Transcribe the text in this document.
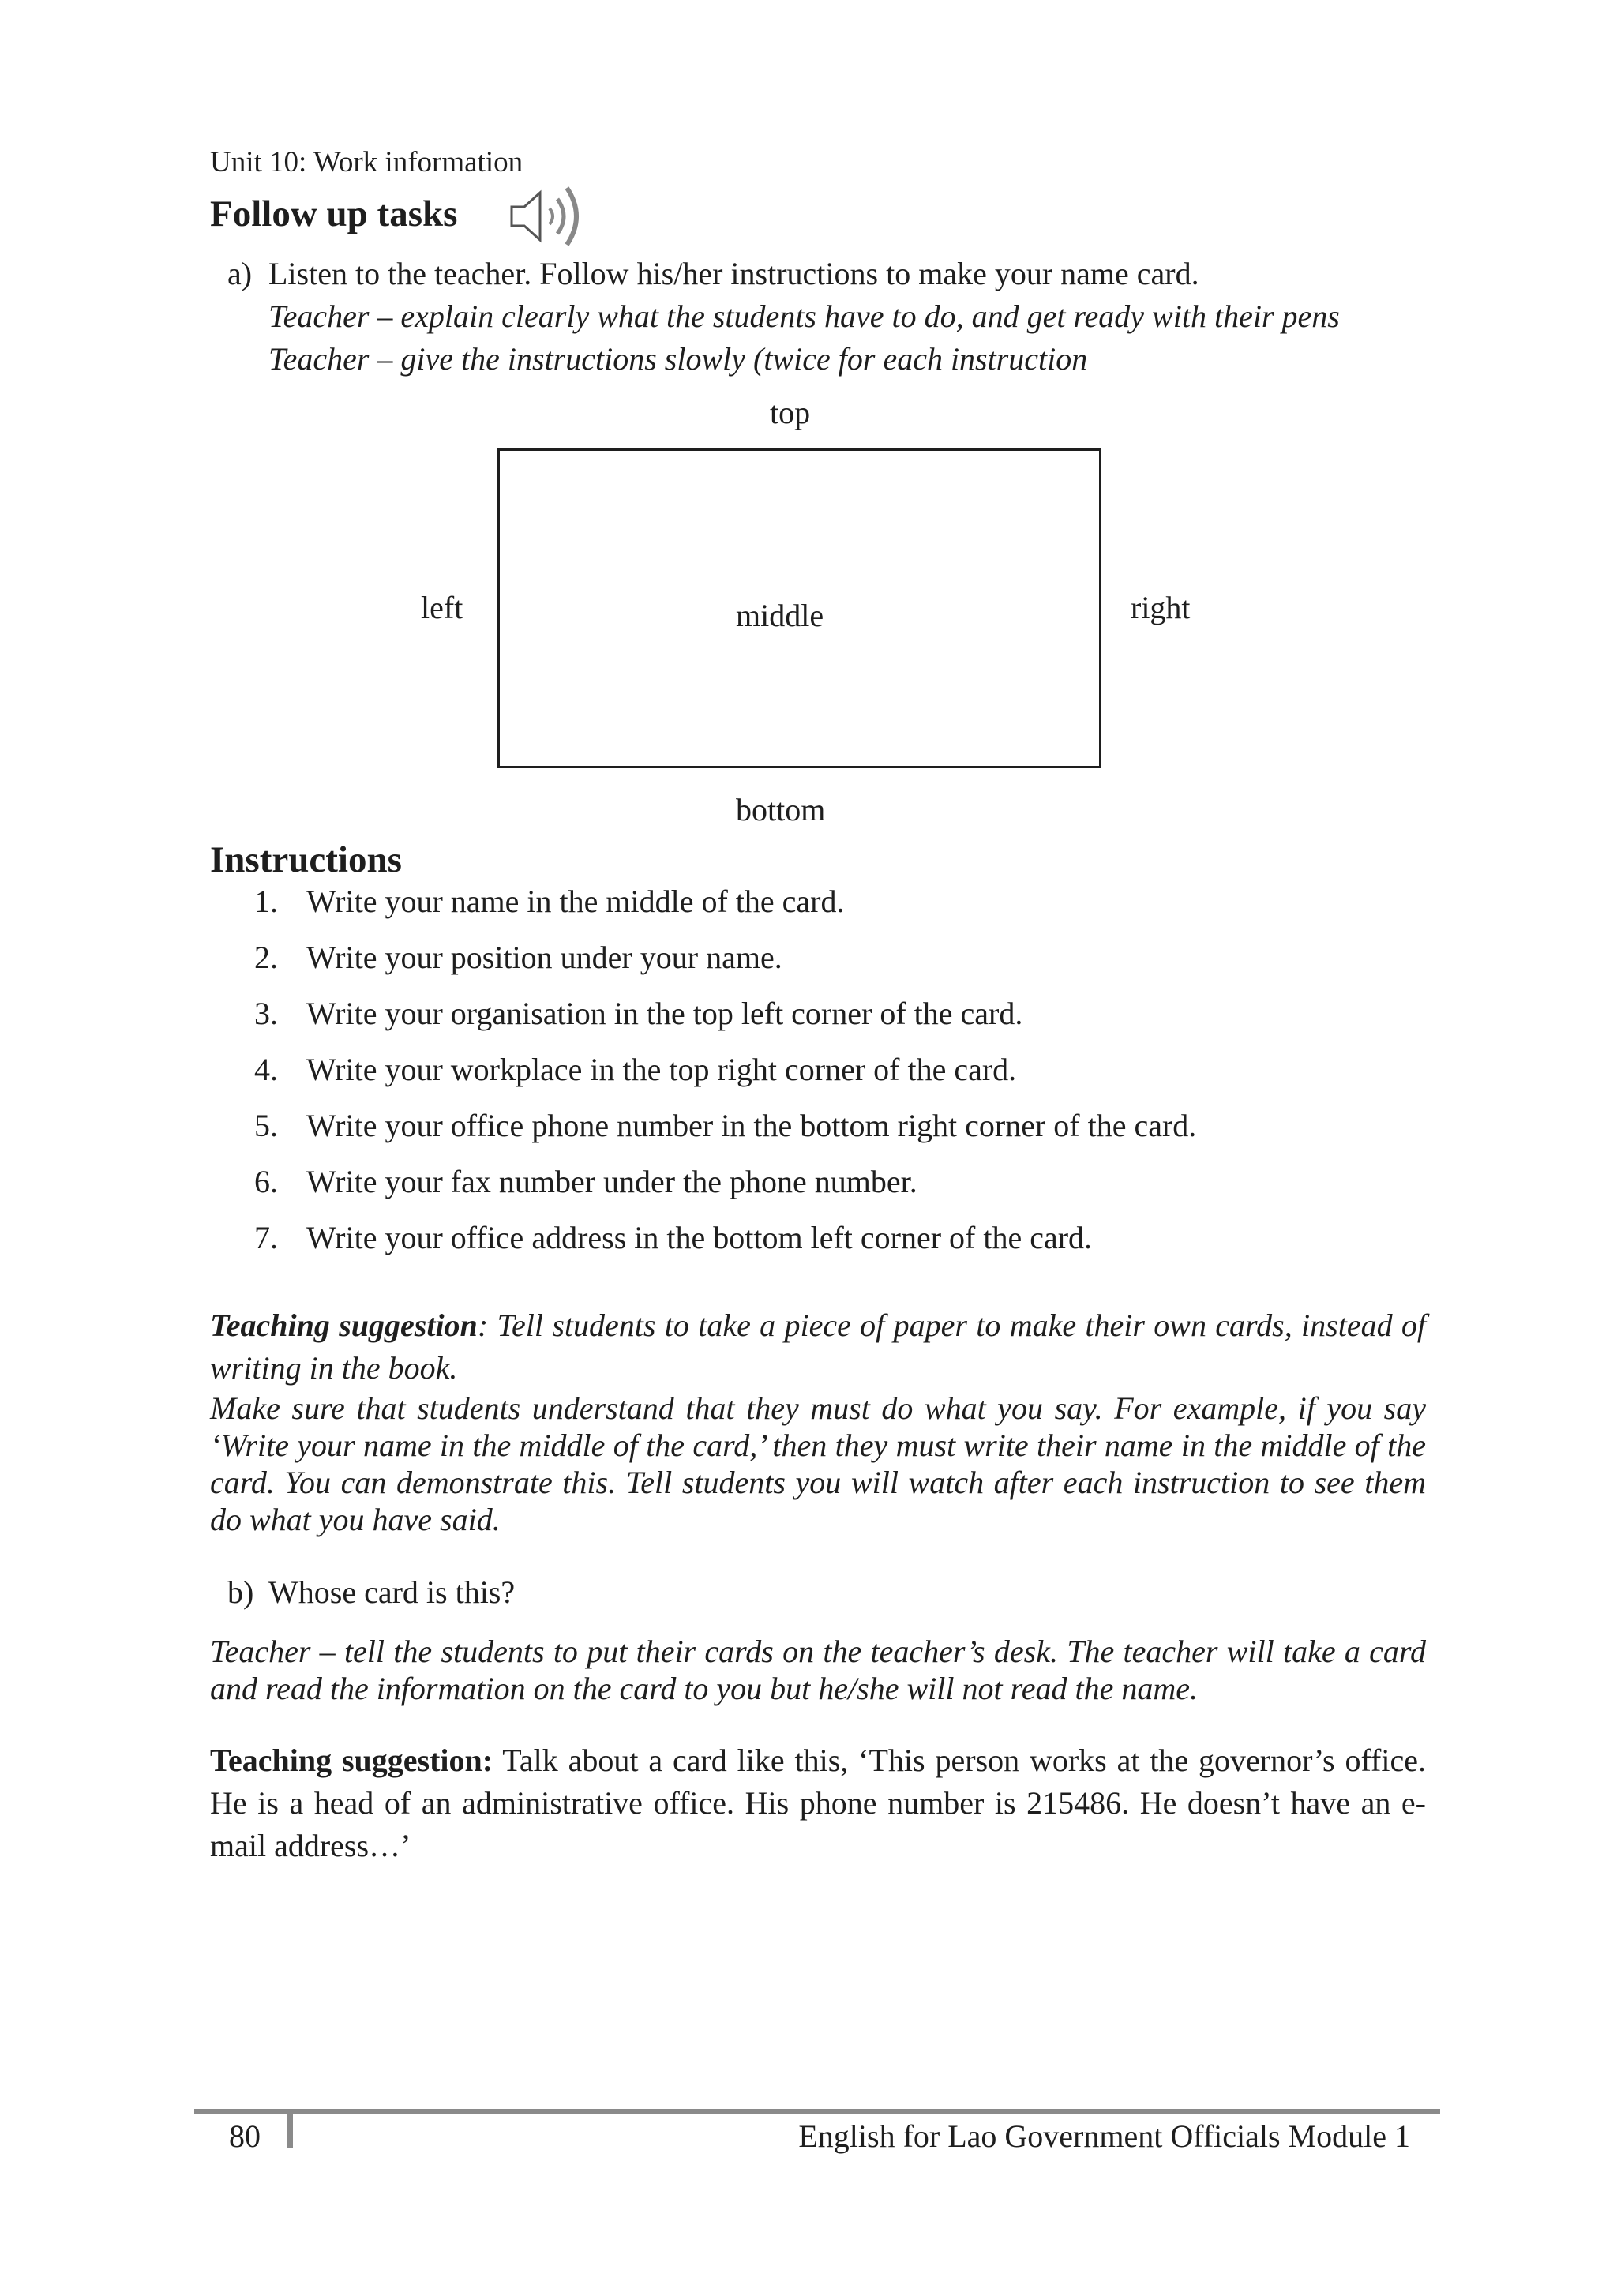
Unit 10: Work information
Follow up tasks
a) Listen to the teacher. Follow his/her instructions to make your name card.
Teacher – explain clearly what the students have to do, and get ready with their pens
Teacher – give the instructions slowly (twice for each instruction
top
left	middle	right
bottom
Instructions
1. Write your name in the middle of the card.
2. Write your position under your name.
3. Write your organisation in the top left corner of the card.
4. Write your workplace in the top right corner of the card.
5. Write your office phone number in the bottom right corner of the card.
6. Write your fax number under the phone number.
7. Write your office address in the bottom left corner of the card.
Teaching suggestion: Tell students to take a piece of paper to make their own cards, instead of writing in the book.
Make sure that students understand that they must do what you say. For example, if you say ‘Write your name in the middle of the card,’ then they must write their name in the middle of the card. You can demonstrate this. Tell students you will watch after each instruction to see them do what you have said.
b) Whose card is this?
Teacher – tell the students to put their cards on the teacher’s desk. The teacher will take a card and read the information on the card to you but he/she will not read the name.
Teaching suggestion: Talk about a card like this, ‘This person works at the governor’s office. He is a head of an administrative office. His phone number is 215486. He doesn’t have an e-mail address…’
80	English for Lao Government Officials Module 1
